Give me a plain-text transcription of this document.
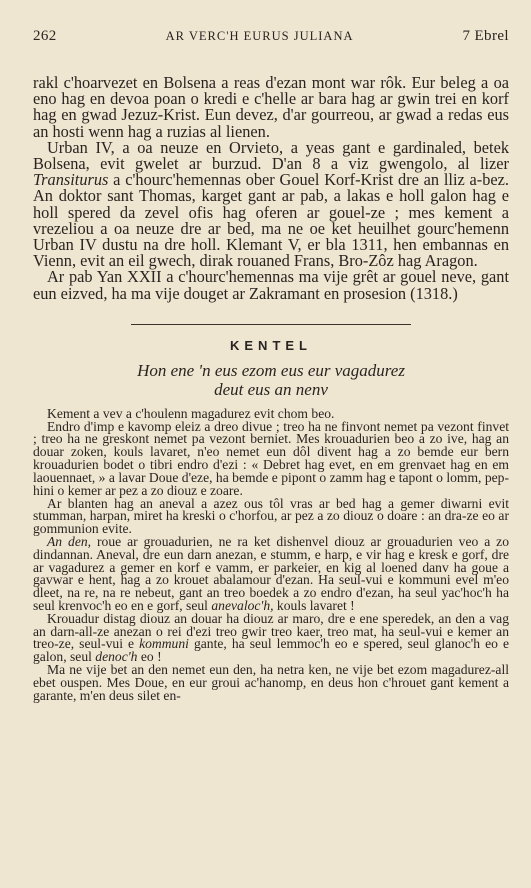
262	AR VERC'H EURUS JULIANA	7 Ebrel

rakl c'hoarvezet en Bolsena a reas d'ezan mont war rôk. Eur beleg a oa eno hag en devoa poan o kredi e c'helle ar bara hag ar gwin trei en korf hag en gwad Jezuz-Krist. Eun devez, d'ar gourreou, ar gwad a redas eus an hosti wenn hag a ruzias al lienen.

Urban IV, a oa neuze en Orvieto, a yeas gant e gardinaled, betek Bolsena, evit gwelet ar burzud. D'an 8 a viz gwengolo, al lizer Transiturus a c'hourc'hemennas ober Gouel Korf-Krist dre an lliz a-bez. An doktor sant Thomas, karget gant ar pab, a lakas e holl galon hag e holl spered da zevel ofis hag oferen ar gouel-ze ; mes kement a vrezeliou a oa neuze dre ar bed, ma ne oe ket heuilhet gourc'hemenn Urban IV dustu na dre holl. Klemant V, er bla 1311, hen embannas en Vienn, evit an eil gwech, dirak rouaned Frans, Bro-Zôz hag Aragon.

Ar pab Yan XXII a c'hourc'hemennas ma vije grêt ar gouel neve, gant eun eizved, ha ma vije douget ar Zakramant en prosesion (1318.)

KENTEL

Hon ene 'n eus ezom eus eur vagadurez

deut eus an nenv

Kement a vev a c'houlenn magadurez evit chom beo.

Endro d'imp e kavomp eleiz a dreo divue ; treo ha ne finvont nemet pa vezont finvet ; treo ha ne greskont nemet pa vezont berniet. Mes krouadurien beo a zo ive, hag an douar zoken, kouls lavaret, n'eo nemet eun dôl divent hag a zo bemde eur bern krouadurien bodet o tibri endro d'ezi : « Debret hag evet, en em grenvaet hag en em laouennaet, » a lavar Doue d'eze, ha bemde e pipont o zamm hag e tapont o lomm, pep-hini o kemer ar pez a zo diouz e zoare.

Ar blanten hag an aneval a azez ous tôl vras ar bed hag a gemer diwarni evit stumman, harpan, miret ha kreski o c'horfou, ar pez a zo diouz o doare : an dra-ze eo ar gommunion evite.

An den, roue ar grouadurien, ne ra ket dishenvel diouz ar grouadurien veo a zo dindannan. Aneval, dre eun darn anezan, e stumm, e harp, e vir hag e kresk e gorf, dre ar vagadurez a gemer en korf e vamm, er parkeier, en kig al loened danv ha goue a gavwar e hent, hag a zo krouet abalamour d'ezan. Ha seul-vui e kommuni evel m'eo dleet, na re, na re nebeut, gant an treo boedek a zo endro d'ezan, ha seul yac'hoc'h ha seul krenvoc'h eo en e gorf, seul anevaloc'h, kouls lavaret !

Krouadur distag diouz an douar ha diouz ar maro, dre e ene speredek, an den a vag an darn-all-ze anezan o rei d'ezi treo gwir treo kaer, treo mat, ha seul-vui e kemer an treo-ze, seul-vui e kommuni gante, ha seul lemmoc'h eo e spered, seul glanoc'h eo e galon, seul denoc'h eo !

Ma ne vije bet an den nemet eun den, ha netra ken, ne vije bet ezom magadurez-all ebet ouspen. Mes Doue, en eur groui ac'hanomp, en deus hon c'hrouet gant kement a garante, m'en deus silet en-
